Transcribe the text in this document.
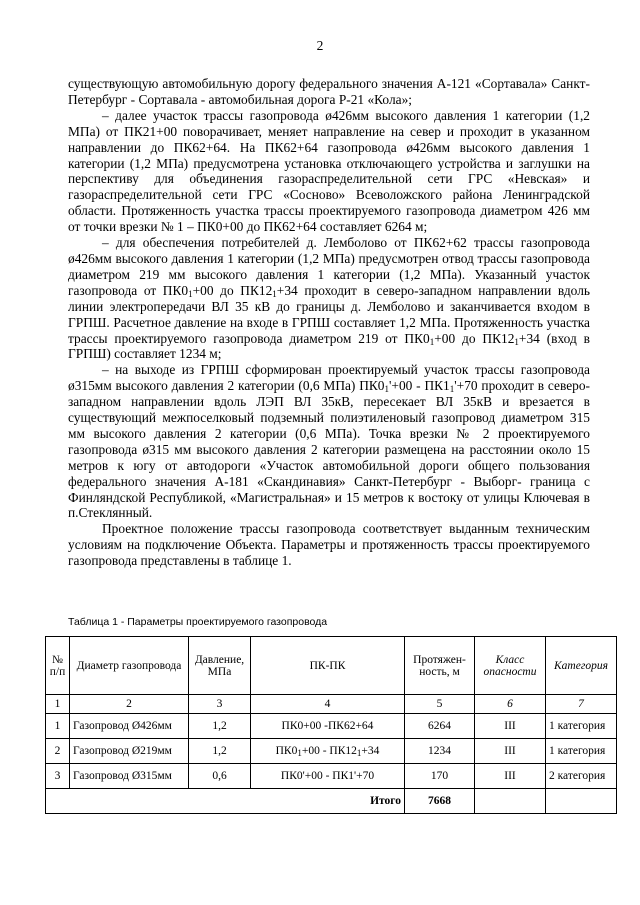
2

существующую автомобильную дорогу федерального значения А-121 «Сортавала» Санкт-Петербург - Сортавала - автомобильная дорога Р-21 «Кола»;

– далее участок трассы газопровода ø426мм высокого давления 1 категории (1,2 МПа) от ПК21+00 поворачивает, меняет направление на север и проходит в указанном направлении до ПК62+64. На ПК62+64 газопровода ø426мм высокого давления 1 категории (1,2 МПа) предусмотрена установка отключающего устройства и заглушки на перспективу для объединения газораспределительной сети ГРС «Невская» и газораспределительной сети ГРС «Сосново» Всеволожского района Ленинградской области. Протяженность участка трассы проектируемого газопровода диаметром 426 мм от точки врезки № 1 – ПК0+00 до ПК62+64 составляет 6264 м;

– для обеспечения потребителей д. Лемболово от ПК62+62 трассы газопровода ø426мм высокого давления 1 категории (1,2 МПа) предусмотрен отвод трассы газопровода диаметром 219 мм высокого давления 1 категории (1,2 МПа). Указанный участок газопровода от $ПК0_1+00$ до $ПК12_1+34$ проходит в северо-западном направлении вдоль линии электропередачи ВЛ 35 кВ до границы д. Лемболово и заканчивается входом в ГРПШ. Расчетное давление на входе в ГРПШ составляет 1,2 МПа. Протяженность участка трассы проектируемого газопровода диаметром 219 от $ПК0_1+00$ до $ПК12_1+34$ (вход в ГРПШ) составляет 1234 м;

– на выходе из ГРПШ сформирован проектируемый участок трассы газопровода ø315мм высокого давления 2 категории (0,6 МПа) $ПК0_1'+00 - ПК1_1'+70$ проходит в северо-западном направлении вдоль ЛЭП ВЛ 35кВ, пересекает ВЛ 35кВ и врезается в существующий межпоселковый подземный полиэтиленовый газопровод диаметром 315 мм высокого давления 2 категории (0,6 МПа). Точка врезки № 2 проектируемого газопровода ø315 мм высокого давления 2 категории размещена на расстоянии около 15 метров к югу от автодороги «Участок автомобильной дороги общего пользования федерального значения А-181 «Скандинавия» Санкт-Петербург - Выборг- граница с Финляндской Республикой, «Магистральная» и 15 метров к востоку от улицы Ключевая в п.Стеклянный.

Проектное положение трассы газопровода соответствует выданным техническим условиям на подключение Объекта. Параметры и протяженность трассы проектируемого газопровода представлены в таблице 1.

Таблица 1 - Параметры проектируемого газопровода
№ п/п	Диаметр газопровода	Давление, МПа	ПК-ПК	Протяжен-ность, м	Класс опасности	Категория
1	2	3	4	5	6	7
1	Газопровод Ø426мм	1,2	ПК0+00 -ПК62+64	6264	III	1 категория
2	Газопровод Ø219мм	1,2	$ПК0_1+00 - ПК12_1+34$	1234	III	1 категория
3	Газопровод Ø315мм	0,6	ПК0'+00 - ПК1'+70	170	III	2 категория
Итого				7668		
